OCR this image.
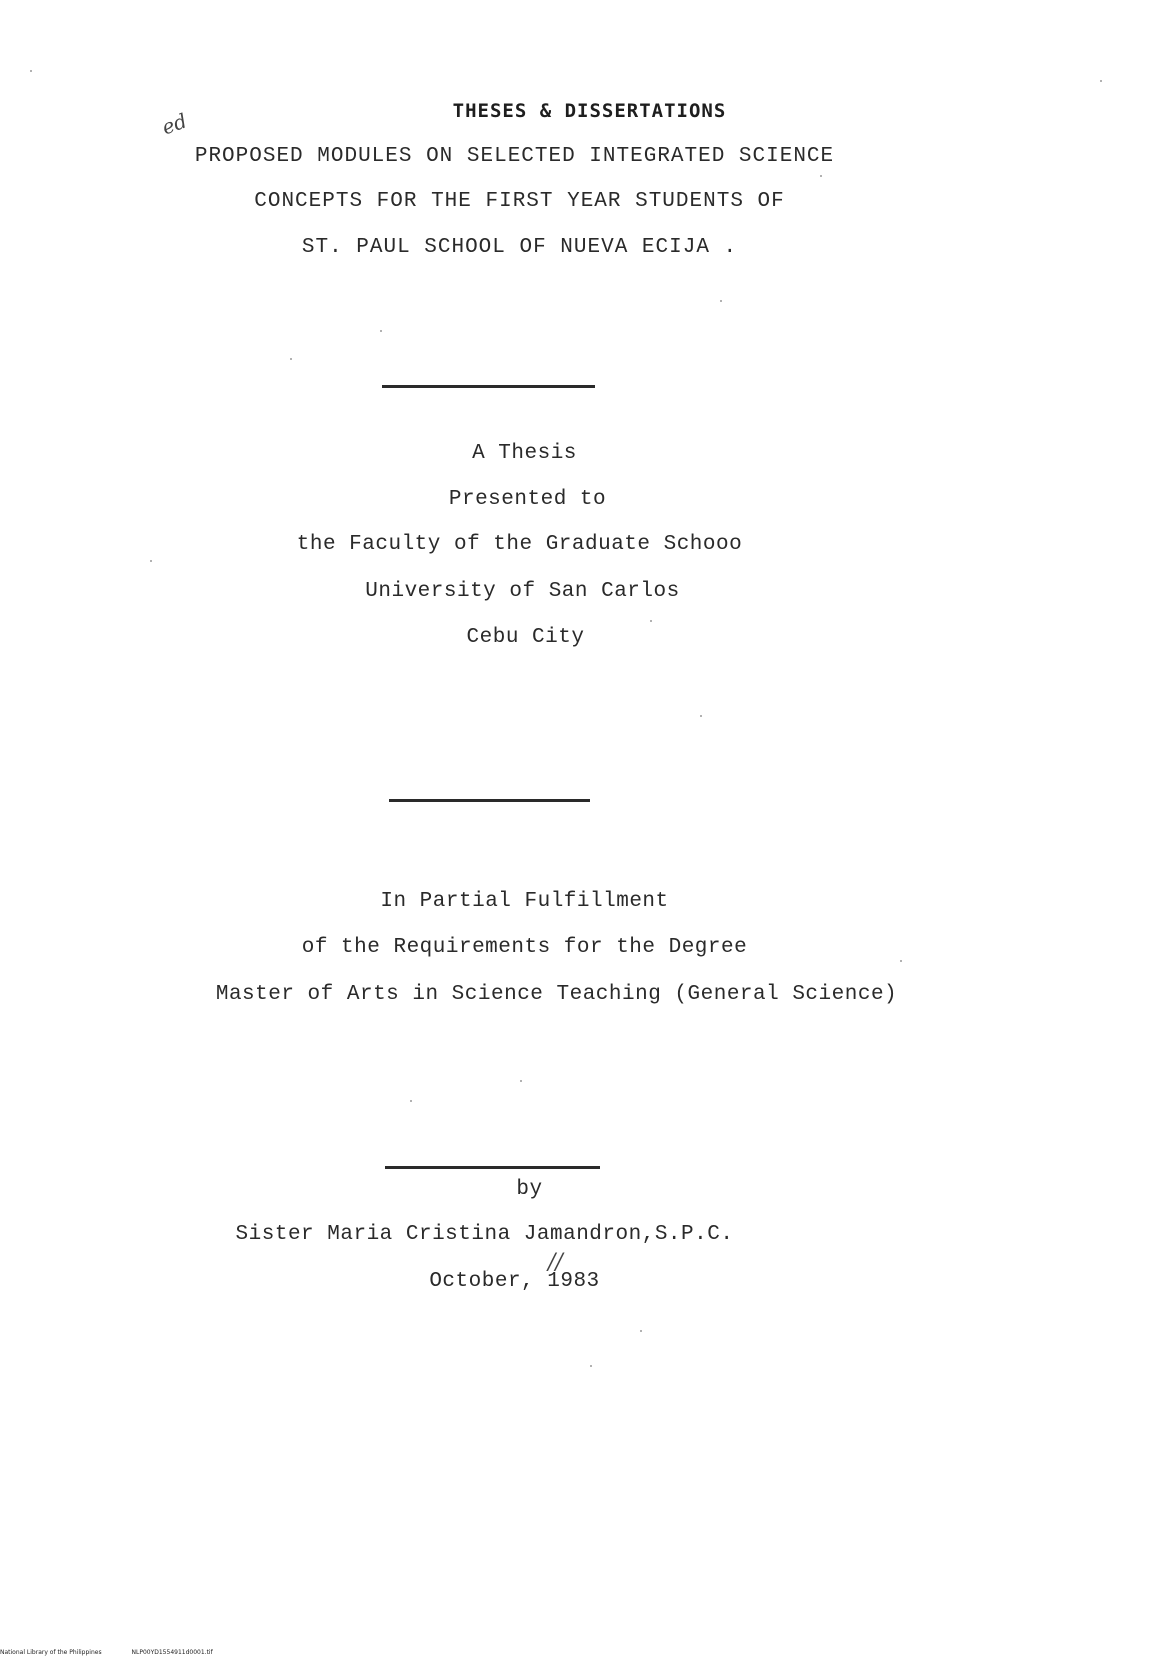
ed
//
THESES & DISSERTATIONS
PROPOSED MODULES ON SELECTED INTEGRATED SCIENCE
CONCEPTS FOR THE FIRST YEAR STUDENTS OF
ST. PAUL SCHOOL OF NUEVA ECIJA .
A Thesis
Presented to
the Faculty of the Graduate Schooo
University of San Carlos
Cebu City
In Partial Fulfillment
of the Requirements for the Degree
Master of Arts in Science Teaching (General Science)
by
Sister Maria Cristina Jamandron,S.P.C.
October, 1983
National Library of the Philippines	NLP00YD1554911d0001.tif
